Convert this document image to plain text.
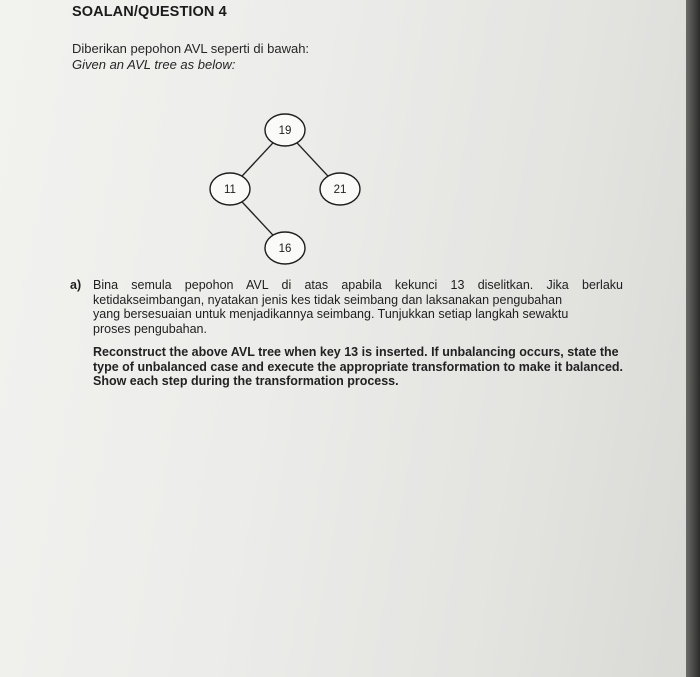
SOALAN/QUESTION 4
Diberikan pepohon AVL seperti di bawah:
Given an AVL tree as below:
19
11	21
16
a) Bina semula pepohon AVL di atas apabila kekunci 13 diselitkan. Jika berlaku
ketidakseimbangan, nyatakan jenis kes tidak seimbang dan laksanakan pengubahan
yang bersesuaian untuk menjadikannya seimbang. Tunjukkan setiap langkah sewaktu
proses pengubahan.
Reconstruct the above AVL tree when key 13 is inserted. If unbalancing occurs, state the
type of unbalanced case and execute the appropriate transformation to make it balanced.
Show each step during the transformation process.
